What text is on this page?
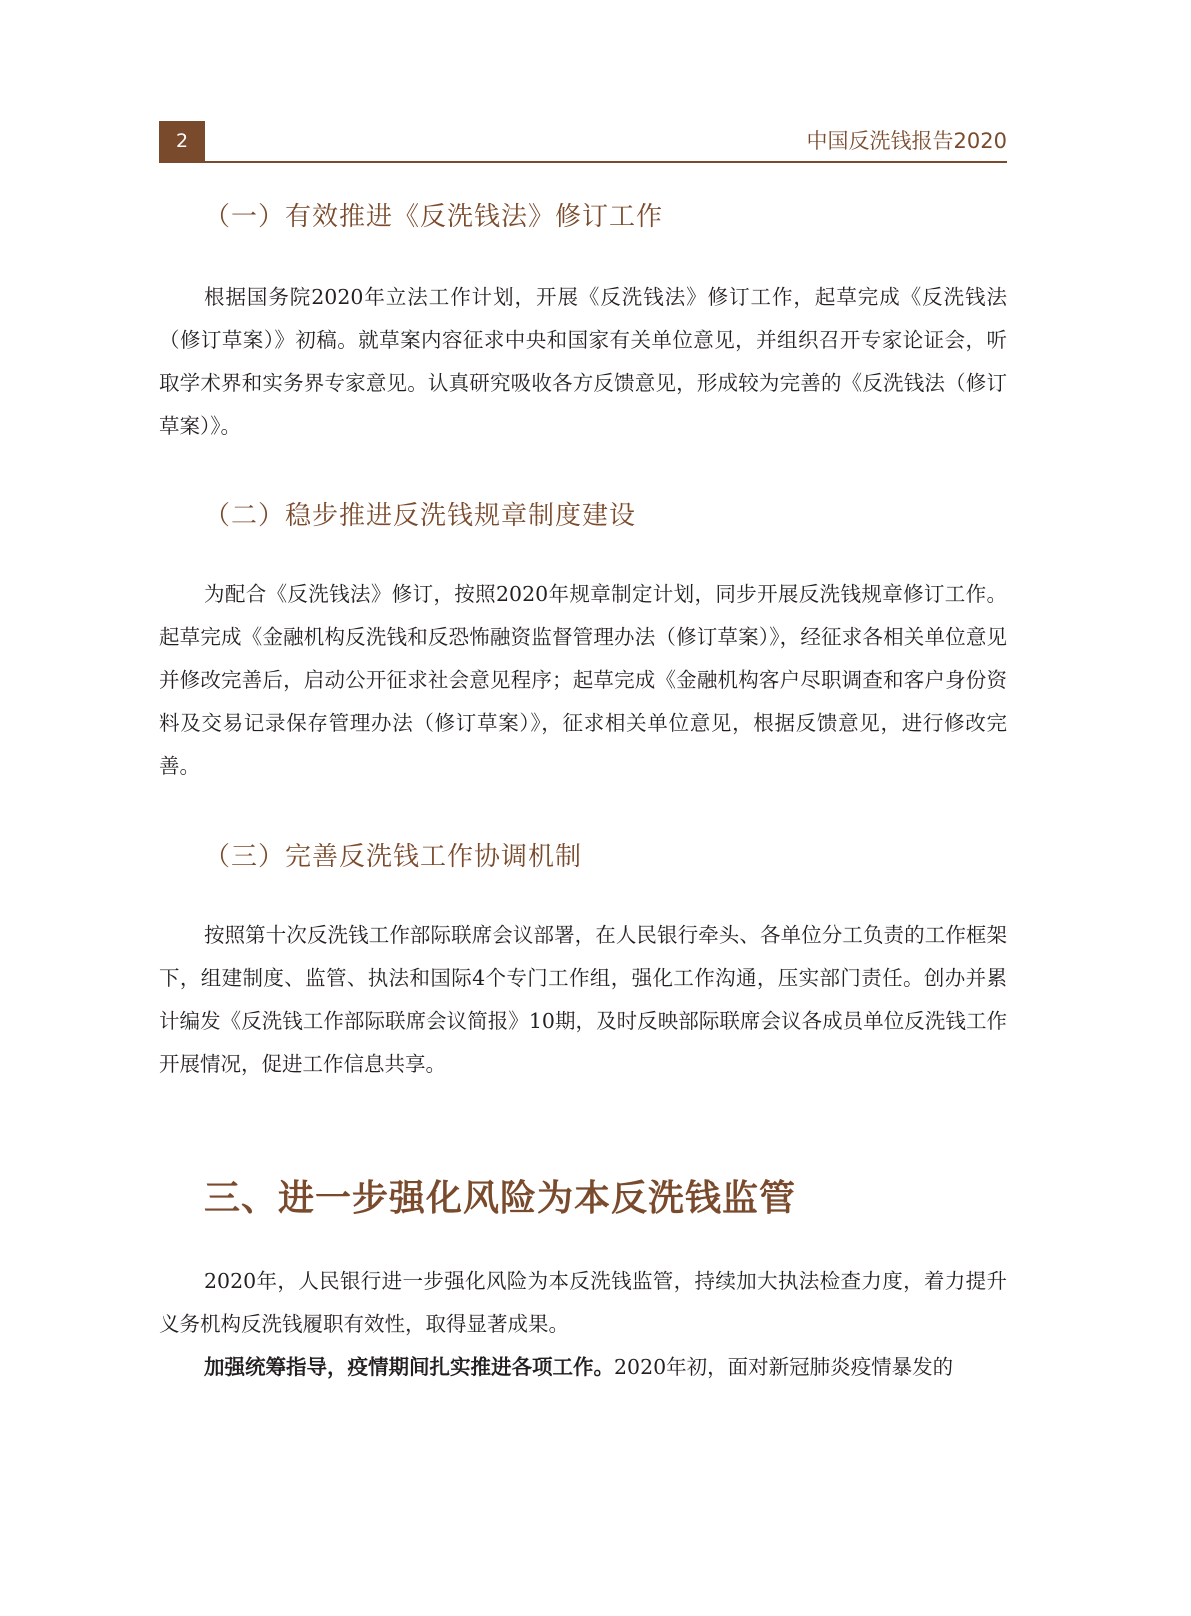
2	中国反洗钱报告2020
（一）有效推进《反洗钱法》修订工作

根据国务院2020年立法工作计划，开展《反洗钱法》修订工作，起草完成《反洗钱法（修订草案）》初稿。就草案内容征求中央和国家有关单位意见，并组织召开专家论证会，听取学术界和实务界专家意见。认真研究吸收各方反馈意见，形成较为完善的《反洗钱法（修订草案）》。

（二）稳步推进反洗钱规章制度建设

为配合《反洗钱法》修订，按照2020年规章制定计划，同步开展反洗钱规章修订工作。起草完成《金融机构反洗钱和反恐怖融资监督管理办法（修订草案）》，经征求各相关单位意见并修改完善后，启动公开征求社会意见程序；起草完成《金融机构客户尽职调查和客户身份资料及交易记录保存管理办法（修订草案）》，征求相关单位意见，根据反馈意见，进行修改完善。

（三）完善反洗钱工作协调机制

按照第十次反洗钱工作部际联席会议部署，在人民银行牵头、各单位分工负责的工作框架下，组建制度、监管、执法和国际4个专门工作组，强化工作沟通，压实部门责任。创办并累计编发《反洗钱工作部际联席会议简报》10期，及时反映部际联席会议各成员单位反洗钱工作开展情况，促进工作信息共享。

三、进一步强化风险为本反洗钱监管

2020年，人民银行进一步强化风险为本反洗钱监管，持续加大执法检查力度，着力提升义务机构反洗钱履职有效性，取得显著成果。

加强统筹指导，疫情期间扎实推进各项工作。2020年初，面对新冠肺炎疫情暴发的
